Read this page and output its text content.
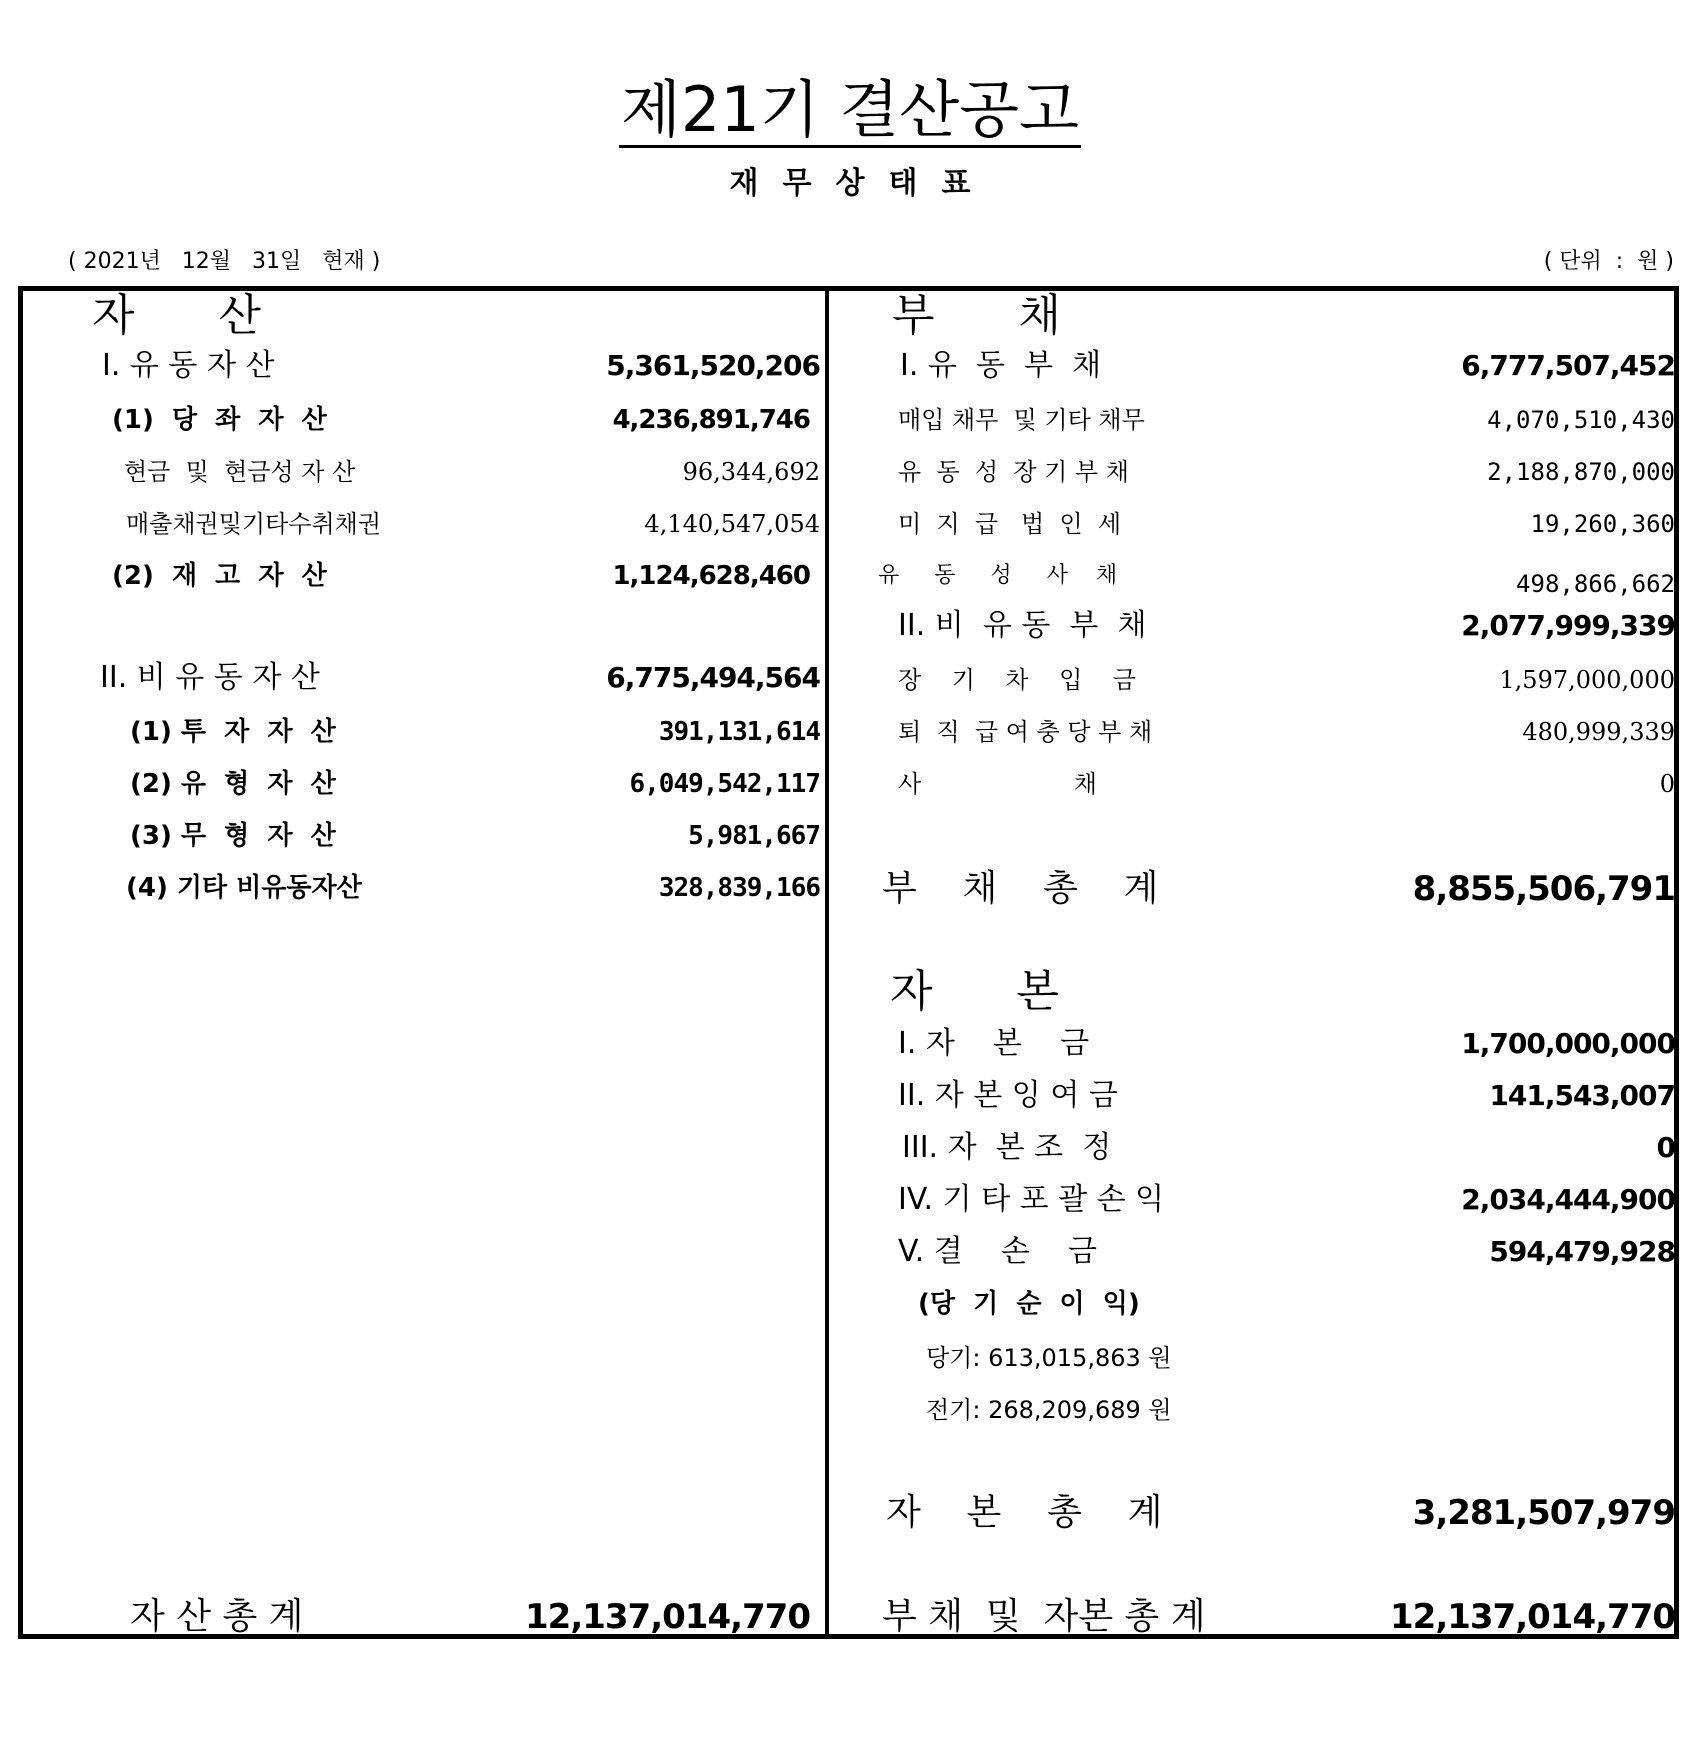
제21기 결산공고
재무상태표
( 2021년   12월   31일   현재 )	( 단위  :  원 )
자      산
I. 유 동 자 산	5,361,520,206
(1)  당  좌  자  산	4,236,891,746
현금  및  현금성 자 산	96,344,692
매출채권및기타수취채권	4,140,547,054
(2)  재  고  자  산	1,124,628,460
II. 비 유 동 자 산	6,775,494,564
(1) 투  자  자  산	391,131,614
(2) 유  형  자  산	6,049,542,117
(3) 무  형  자  산	5,981,667
(4) 기타 비유동자산	328,839,166
자 산 총 계	12,137,014,770
부      채
I. 유  동  부  채	6,777,507,452
매입 채무  및 기타 채무	4,070,510,430
유  동  성  장 기 부 채	2,188,870,000
미  지  급   법  인  세	19,260,360
유     동     성     사    채	498,866,662
II. 비  유 동  부  채	2,077,999,339
장    기    차    입    금	1,597,000,000
퇴  직  급 여 충 당 부 채	480,999,339
사                    채	0
부    채    총    계	8,855,506,791
자      본
I. 자    본    금	1,700,000,000
II. 자 본 잉 여 금	141,543,007
III. 자  본 조  정	0
IV. 기 타 포 괄 손 익	2,034,444,900
V. 결    손    금	594,479,928
(당  기  순  이  익)
당기: 613,015,863 원
전기: 268,209,689 원
자    본    총    계	3,281,507,979
부 채  및  자본 총 계	12,137,014,770
